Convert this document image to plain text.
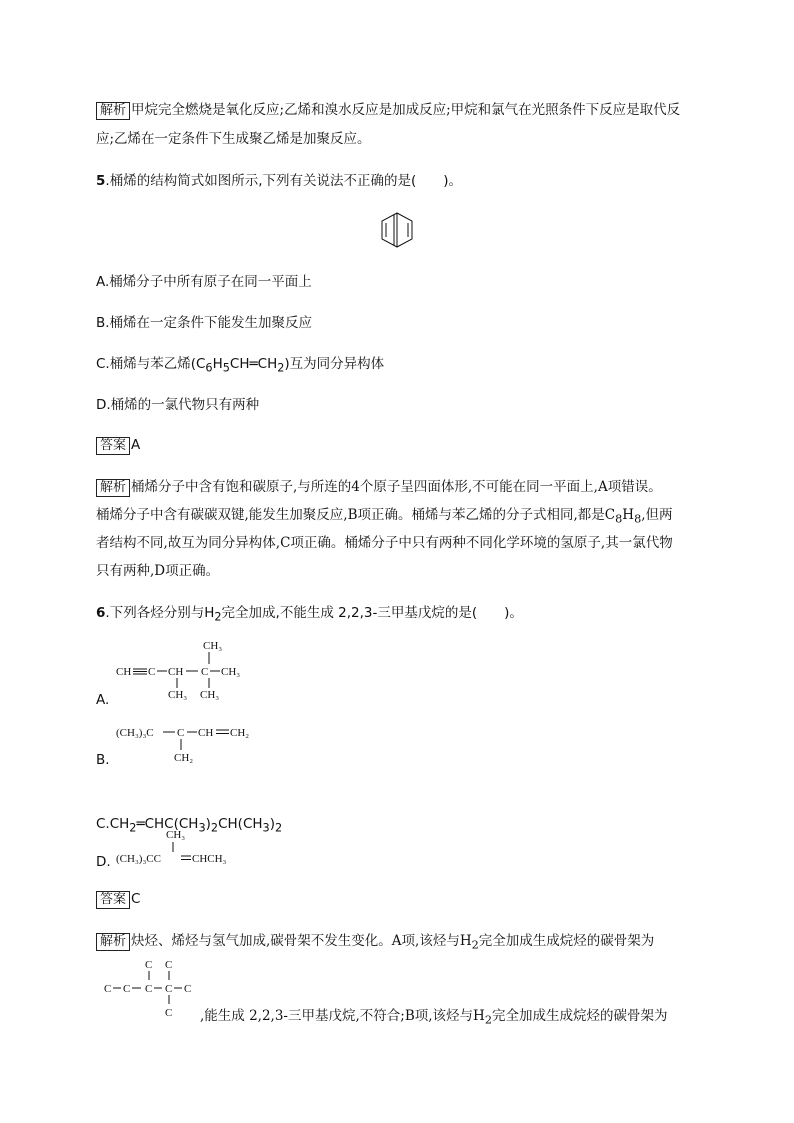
解析 甲烷完全燃烧是氧化反应;乙烯和溴水反应是加成反应;甲烷和氯气在光照条件下反应是取代反
应;乙烯在一定条件下生成聚乙烯是加聚反应。
5.桶烯的结构简式如图所示,下列有关说法不正确的是(　　)。
A.桶烯分子中所有原子在同一平面上
B.桶烯在一定条件下能发生加聚反应
C.桶烯与苯乙烯$(C_6H_5CH═CH_2)$互为同分异构体
D.桶烯的一氯代物只有两种
答案 A
解析 桶烯分子中含有饱和碳原子,与所连的4个原子呈四面体形,不可能在同一平面上,A项错误。
桶烯分子中含有碳碳双键,能发生加聚反应,B项正确。桶烯与苯乙烯的分子式相同,都是$C_8H_8$,但两
者结构不同,故互为同分异构体,C项正确。桶烯分子中只有两种不同化学环境的氢原子,其一氯代物
只有两种,D项正确。
6.下列各烃分别与$H_2$完全加成,不能生成 2,2,3-三甲基戊烷的是(　　)。
A.
B.
$C.CH_2═CHC(CH_3)_2CH(CH_3)_2$
D.
答案 C
解析 炔烃、烯烃与氢气加成,碳骨架不发生变化。A项,该烃与$H_2$完全加成生成烷烃的碳骨架为
,能生成 2,2,3-三甲基戊烷,不符合;B项,该烃与$H_2$完全加成生成烷烃的碳骨架为
CH₃
CH C CH C CH₃
CH₃ CH₃
(CH₃)₃C C CH CH₂
CH₂
CH₃
(CH₃)₃CC	CHCH₃
C C
C C C C C
C
